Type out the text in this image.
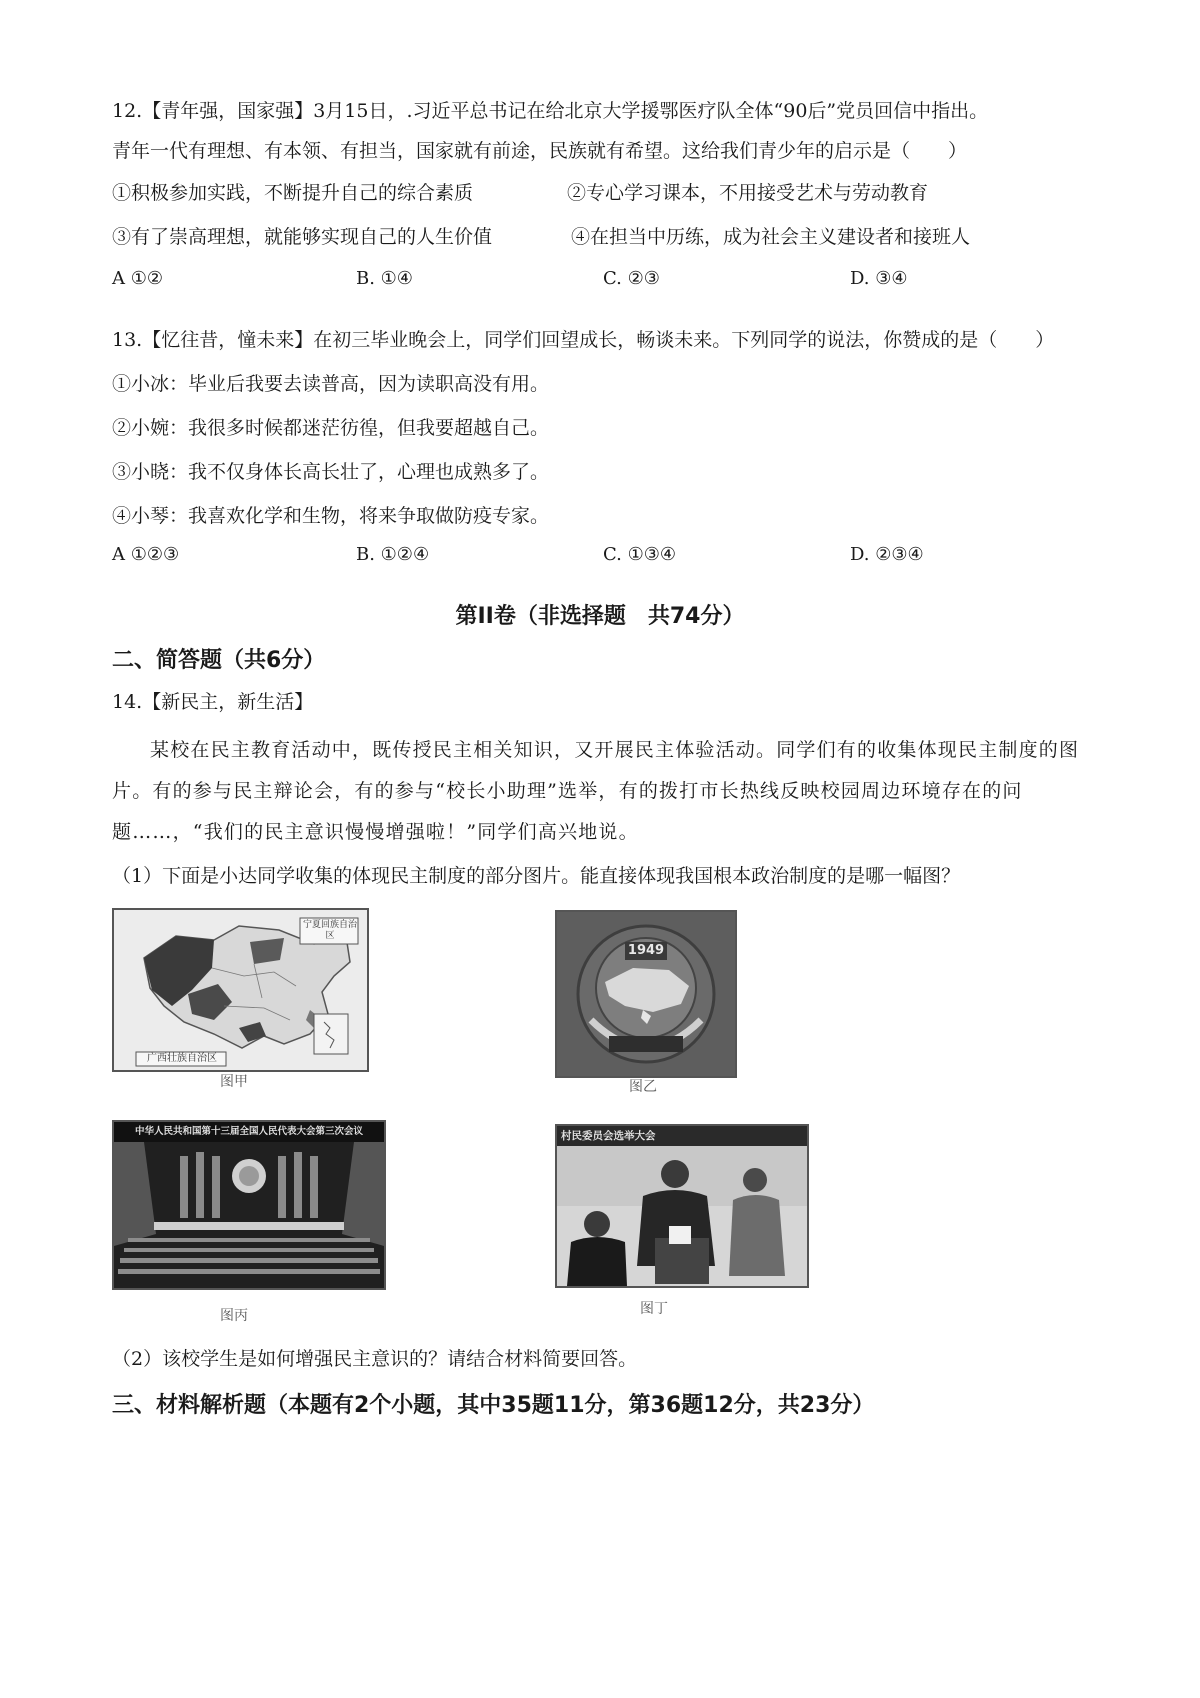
12.【青年强，国家强】3月15日，.习近平总书记在给北京大学援鄂医疗队全体“90后”党员回信中指出。
青年一代有理想、有本领、有担当，国家就有前途，民族就有希望。这给我们青少年的启示是（　　）
①积极参加实践，不断提升自己的综合素质	②专心学习课本，不用接受艺术与劳动教育
③有了崇高理想，就能够实现自己的人生价值	④在担当中历练，成为社会主义建设者和接班人
A ①②	B. ①④	C. ②③	D. ③④
13.【忆往昔，憧未来】在初三毕业晚会上，同学们回望成长，畅谈未来。下列同学的说法，你赞成的是（　　）
①小冰：毕业后我要去读普高，因为读职高没有用。
②小婉：我很多时候都迷茫彷徨，但我要超越自己。
③小晓：我不仅身体长高长壮了，心理也成熟多了。
④小琴：我喜欢化学和生物，将来争取做防疫专家。
A ①②③	B. ①②④	C. ①③④	D. ②③④
第II卷（非选择题　共74分）
二、简答题（共6分）
14.【新民主，新生活】
某校在民主教育活动中，既传授民主相关知识，又开展民主体验活动。同学们有的收集体现民主制度的图片。有的参与民主辩论会，有的参与“校长小助理”选举，有的拨打市长热线反映校园周边环境存在的问题……，“我们的民主意识慢慢增强啦！”同学们高兴地说。
（1）下面是小达同学收集的体现民主制度的部分图片。能直接体现我国根本政治制度的是哪一幅图？
宁夏回族自治区
广西壮族自治区
图甲
1949
图乙
中华人民共和国第十三届全国人民代表大会第三次会议
图丙
村民委员会选举大会
图丁
（2）该校学生是如何增强民主意识的？请结合材料简要回答。
三、材料解析题（本题有2个小题，其中35题11分，第36题12分，共23分）
